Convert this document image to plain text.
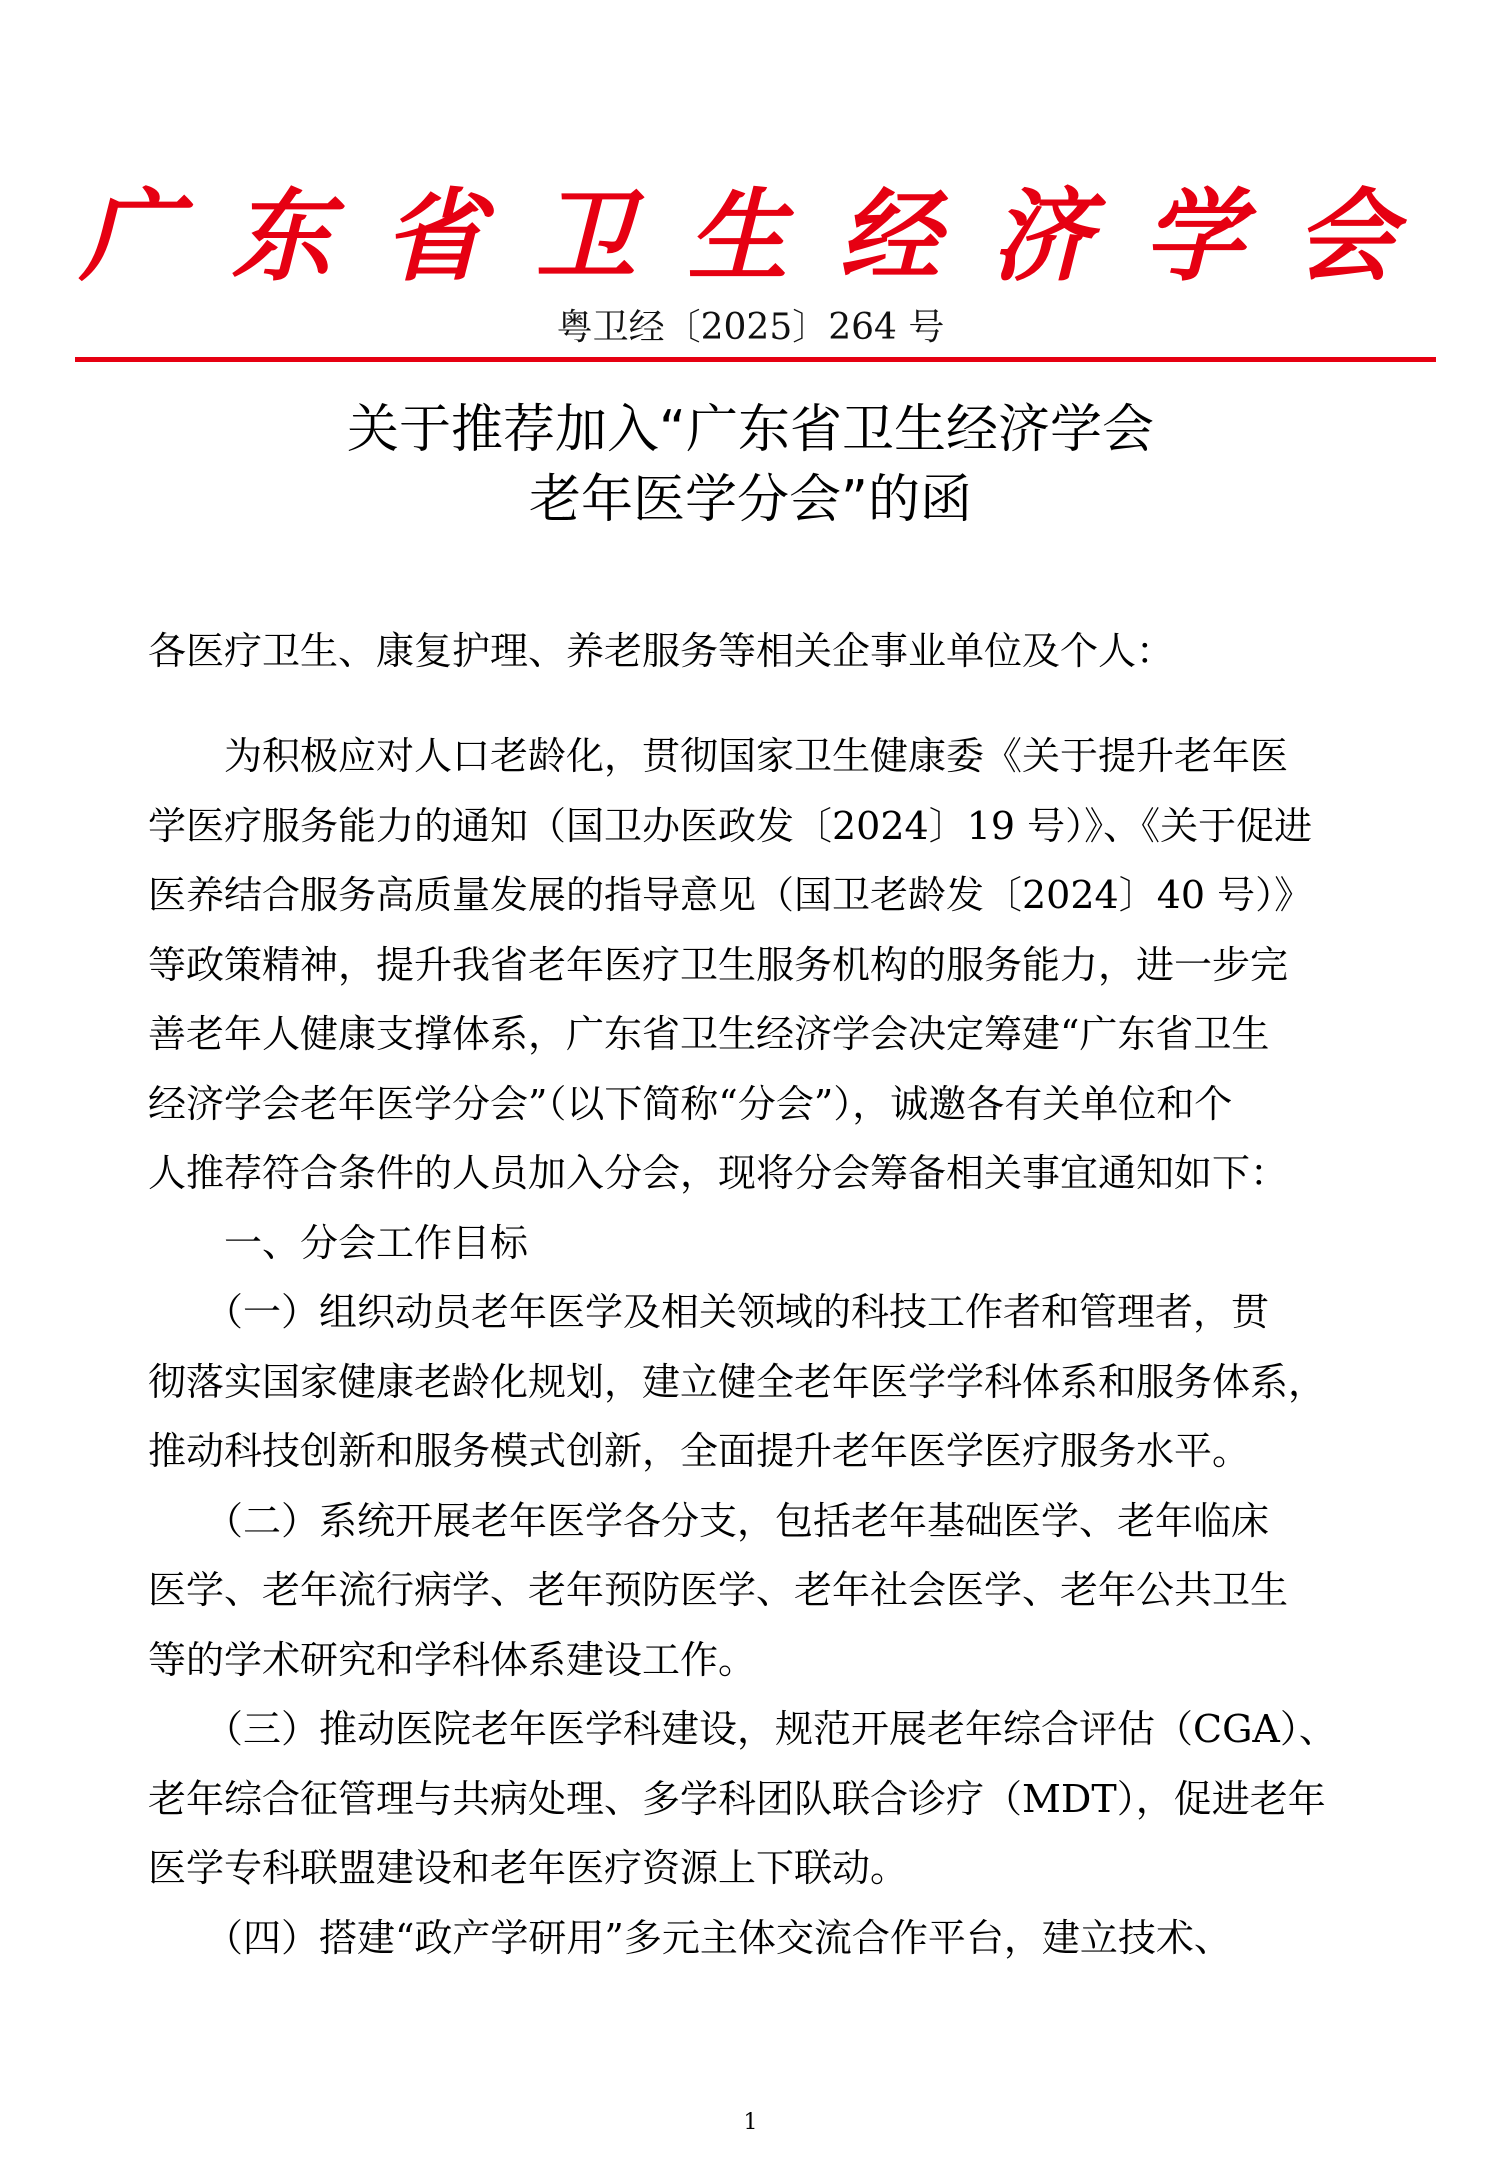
广东省卫生经济学会
粤卫经〔2025〕264 号
关于推荐加入“广东省卫生经济学会
老年医学分会”的函
各医疗卫生、康复护理、养老服务等相关企事业单位及个人：
　　为积极应对人口老龄化，贯彻国家卫生健康委《关于提升老年医
学医疗服务能力的通知（国卫办医政发〔2024〕19 号）》、《关于促进
医养结合服务高质量发展的指导意见（国卫老龄发〔2024〕40 号）》
等政策精神，提升我省老年医疗卫生服务机构的服务能力，进一步完
善老年人健康支撑体系，广东省卫生经济学会决定筹建“广东省卫生
经济学会老年医学分会”（以下简称“分会”），诚邀各有关单位和个
人推荐符合条件的人员加入分会，现将分会筹备相关事宜通知如下：
　　一、分会工作目标
　　（一）组织动员老年医学及相关领域的科技工作者和管理者，贯
彻落实国家健康老龄化规划，建立健全老年医学学科体系和服务体系，
推动科技创新和服务模式创新，全面提升老年医学医疗服务水平。
　　（二）系统开展老年医学各分支，包括老年基础医学、老年临床
医学、老年流行病学、老年预防医学、老年社会医学、老年公共卫生
等的学术研究和学科体系建设工作。
　　（三）推动医院老年医学科建设，规范开展老年综合评估（CGA）、
老年综合征管理与共病处理、多学科团队联合诊疗（MDT），促进老年
医学专科联盟建设和老年医疗资源上下联动。
　　（四）搭建“政产学研用”多元主体交流合作平台，建立技术、
1
